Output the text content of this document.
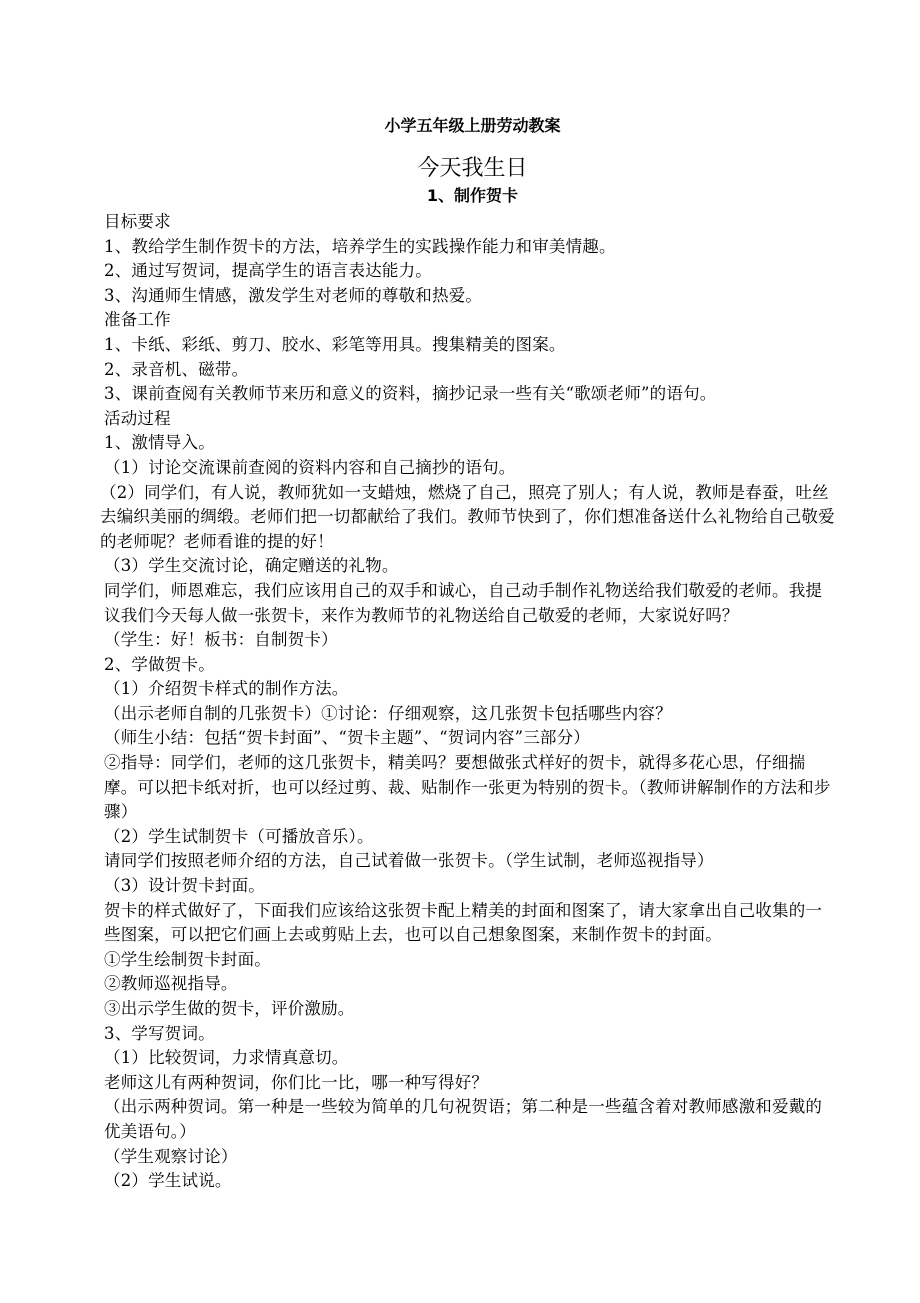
小学五年级上册劳动教案
今天我生日
1、制作贺卡

目标要求

1、教给学生制作贺卡的方法，培养学生的实践操作能力和审美情趣。

2、通过写贺词，提高学生的语言表达能力。

3、沟通师生情感，激发学生对老师的尊敬和热爱。

准备工作

1、卡纸、彩纸、剪刀、胶水、彩笔等用具。搜集精美的图案。

2、录音机、磁带。

3、课前查阅有关教师节来历和意义的资料，摘抄记录一些有关“歌颂老师”的语句。

活动过程

1、激情导入。

（1）讨论交流课前查阅的资料内容和自己摘抄的语句。

（2）同学们，有人说，教师犹如一支蜡烛，燃烧了自己，照亮了别人；有人说，教师是春蚕，吐丝去编织美丽的绸缎。老师们把一切都献给了我们。教师节快到了，你们想准备送什么礼物给自己敬爱的老师呢？老师看谁的提的好！

（3）学生交流讨论，确定赠送的礼物。

同学们，师恩难忘，我们应该用自己的双手和诚心，自己动手制作礼物送给我们敬爱的老师。我提议我们今天每人做一张贺卡，来作为教师节的礼物送给自己敬爱的老师，大家说好吗？

（学生：好！板书：自制贺卡）

2、学做贺卡。

（1）介绍贺卡样式的制作方法。

（出示老师自制的几张贺卡）①讨论：仔细观察，这几张贺卡包括哪些内容？

（师生小结：包括“贺卡封面”、“贺卡主题”、“贺词内容”三部分）

②指导：同学们，老师的这几张贺卡，精美吗？要想做张式样好的贺卡，就得多花心思，仔细揣摩。可以把卡纸对折，也可以经过剪、裁、贴制作一张更为特别的贺卡。（教师讲解制作的方法和步骤）

（2）学生试制贺卡（可播放音乐）。

请同学们按照老师介绍的方法，自己试着做一张贺卡。（学生试制，老师巡视指导）

（3）设计贺卡封面。

贺卡的样式做好了，下面我们应该给这张贺卡配上精美的封面和图案了，请大家拿出自己收集的一些图案，可以把它们画上去或剪贴上去，也可以自己想象图案，来制作贺卡的封面。

①学生绘制贺卡封面。

②教师巡视指导。

③出示学生做的贺卡，评价激励。

3、学写贺词。

（1）比较贺词，力求情真意切。

老师这儿有两种贺词，你们比一比，哪一种写得好？

（出示两种贺词。第一种是一些较为简单的几句祝贺语；第二种是一些蕴含着对教师感激和爱戴的优美语句。）

（学生观察讨论）

（2）学生试说。
